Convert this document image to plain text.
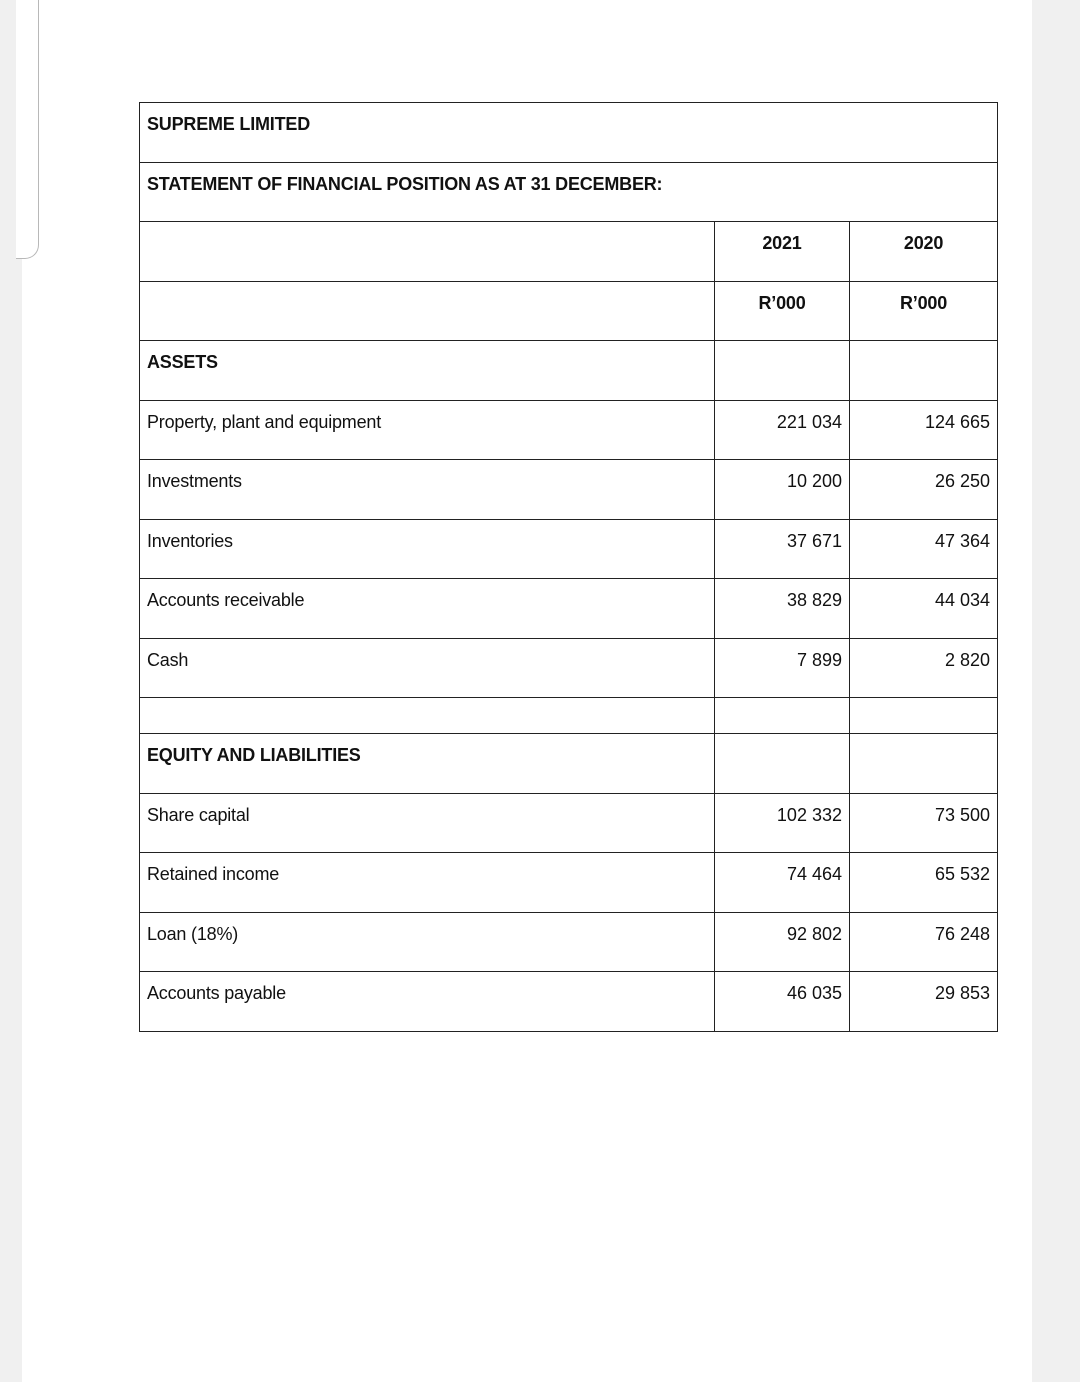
SUPREME LIMITED		
STATEMENT OF FINANCIAL POSITION AS AT 31 DECEMBER:		
	2021	2020
	R’000	R’000
ASSETS		
Property, plant and equipment	221 034	124 665
Investments	10 200	26 250
Inventories	37 671	47 364
Accounts receivable	38 829	44 034
Cash	7 899	2 820

EQUITY AND LIABILITIES		
Share capital	102 332	73 500
Retained income	74 464	65 532
Loan (18%)	92 802	76 248
Accounts payable	46 035	29 853
